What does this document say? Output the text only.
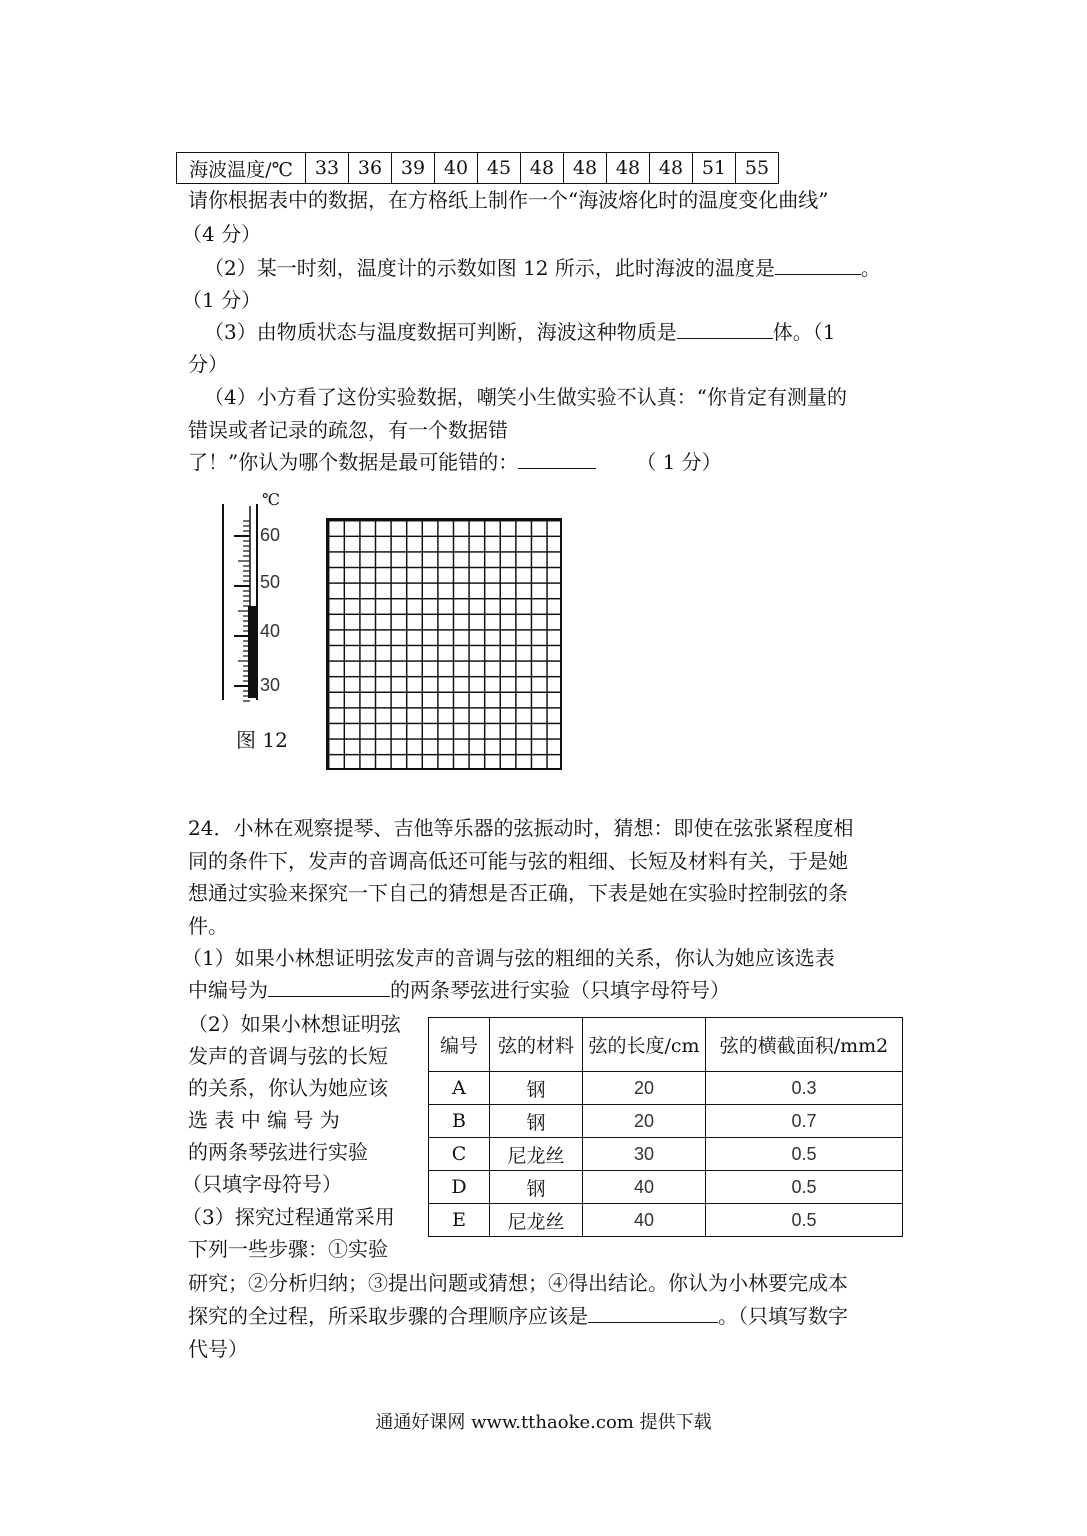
海波温度/℃	33	36	39	40	45	48	48	48	48	51	55
请你根据表中的数据，在方格纸上制作一个“海波熔化时的温度变化曲线”
（4 分）
（2）某一时刻，温度计的示数如图 12 所示，此时海波的温度是	。
（1 分）
（3）由物质状态与温度数据可判断，海波这种物质是	体。（1
分）
（4）小方看了这份实验数据，嘲笑小生做实验不认真：“你肯定有测量的
错误或者记录的疏忽，有一个数据错
了！”你认为哪个数据是最可能错的：	（ 1 分）
℃
60
50
40
30
图 12
24．小林在观察提琴、吉他等乐器的弦振动时，猜想：即使在弦张紧程度相
同的条件下，发声的音调高低还可能与弦的粗细、长短及材料有关，于是她
想通过实验来探究一下自己的猜想是否正确，下表是她在实验时控制弦的条
件。
（1）如果小林想证明弦发声的音调与弦的粗细的关系，你认为她应该选表
中编号为	的两条琴弦进行实验（只填字母符号）
（2）如果小林想证明弦
发声的音调与弦的长短
的关系，你认为她应该
选 表 中 编 号 为
的两条琴弦进行实验
（只填字母符号）
（3）探究过程通常采用
下列一些步骤：①实验
研究；②分析归纳；③提出问题或猜想；④得出结论。你认为小林要完成本
探究的全过程，所采取步骤的合理顺序应该是	。（只填写数字
代号）
编号	弦的材料	弦的长度/cm	弦的横截面积/mm2
A	钢	20	0.3
B	钢	20	0.7
C	尼龙丝	30	0.5
D	钢	40	0.5
E	尼龙丝	40	0.5
通通好课网 www.tthaoke.com 提供下载
